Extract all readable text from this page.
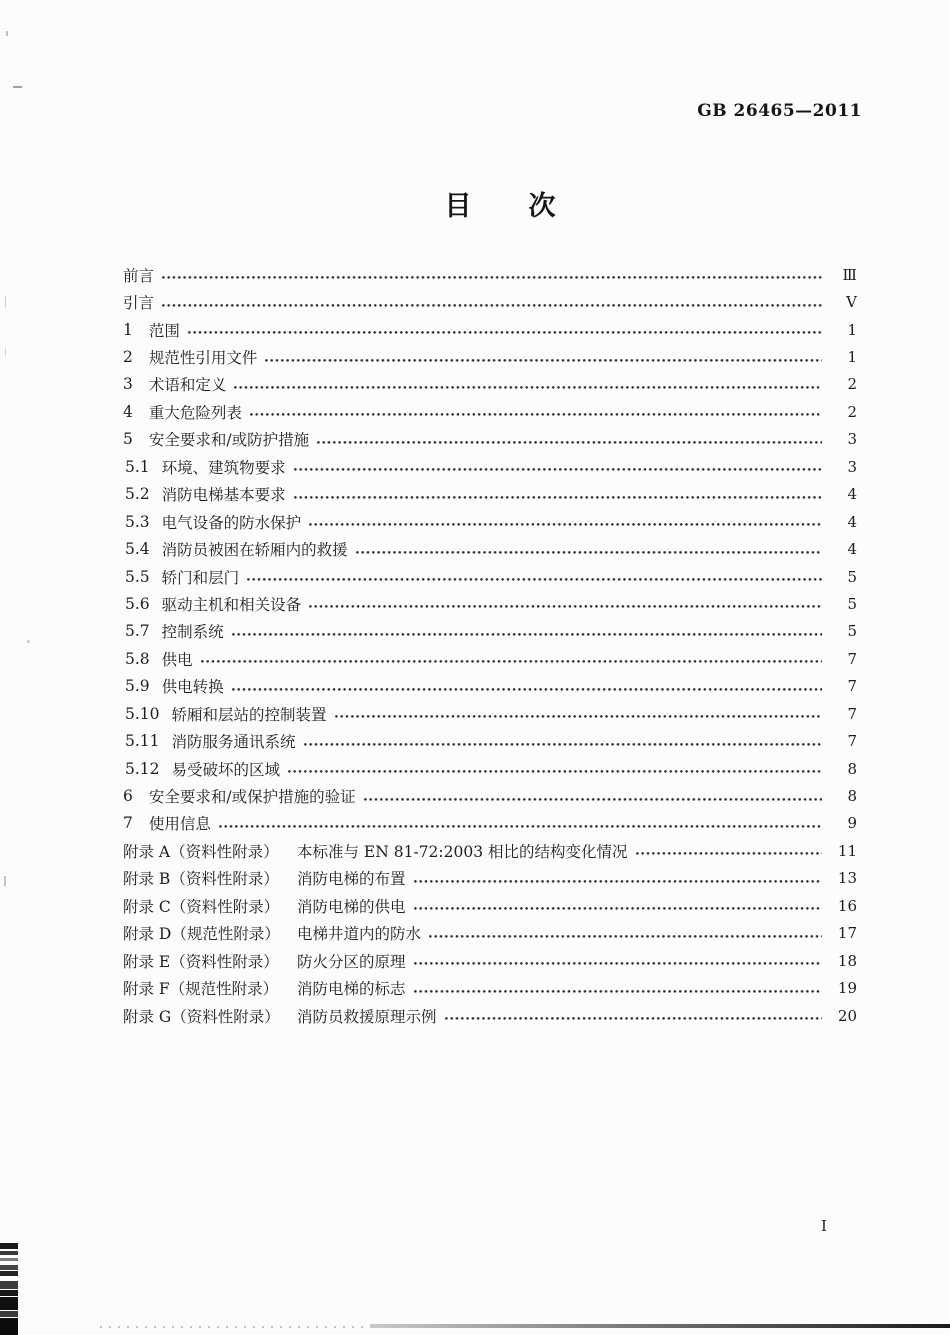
GB 26465—2011
目 次
前言	Ⅲ
引言	Ⅴ
1 范围	1
2 规范性引用文件	1
3 术语和定义	2
4 重大危险列表	2
5 安全要求和/或防护措施	3
5.1 环境、建筑物要求	3
5.2 消防电梯基本要求	4
5.3 电气设备的防水保护	4
5.4 消防员被困在轿厢内的救援	4
5.5 轿门和层门	5
5.6 驱动主机和相关设备	5
5.7 控制系统	5
5.8 供电	7
5.9 供电转换	7
5.10 轿厢和层站的控制装置	7
5.11 消防服务通讯系统	7
5.12 易受破坏的区域	8
6 安全要求和/或保护措施的验证	8
7 使用信息	9
附录 A（资料性附录）	本标准与 EN 81-72:2003 相比的结构变化情况	11
附录 B（资料性附录）	消防电梯的布置	13
附录 C（资料性附录）	消防电梯的供电	16
附录 D（规范性附录）	电梯井道内的防水	17
附录 E（资料性附录）	防火分区的原理	18
附录 F（规范性附录）	消防电梯的标志	19
附录 G（资料性附录）	消防员救援原理示例	20
I
